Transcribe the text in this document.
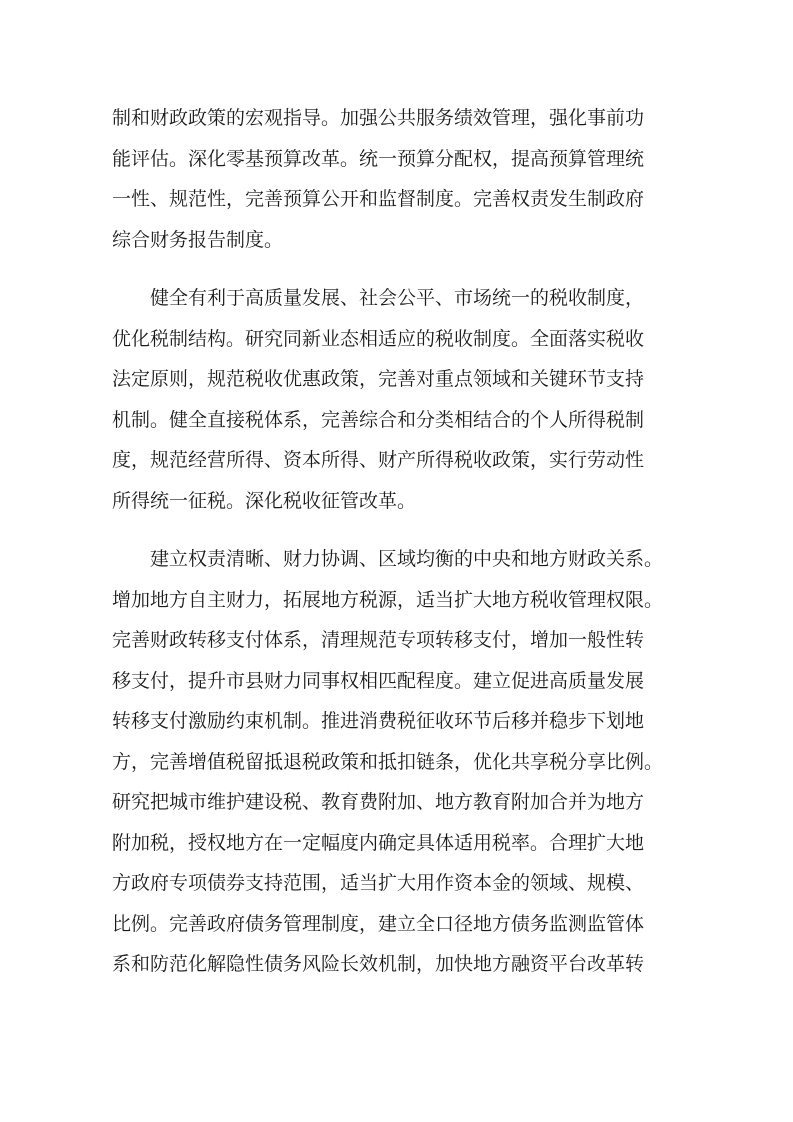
制和财政政策的宏观指导。加强公共服务绩效管理，强化事前功
能评估。深化零基预算改革。统一预算分配权，提高预算管理统
一性、规范性，完善预算公开和监督制度。完善权责发生制政府
综合财务报告制度。
健全有利于高质量发展、社会公平、市场统一的税收制度，
优化税制结构。研究同新业态相适应的税收制度。全面落实税收
法定原则，规范税收优惠政策，完善对重点领域和关键环节支持
机制。健全直接税体系，完善综合和分类相结合的个人所得税制
度，规范经营所得、资本所得、财产所得税收政策，实行劳动性
所得统一征税。深化税收征管改革。
建立权责清晰、财力协调、区域均衡的中央和地方财政关系。
增加地方自主财力，拓展地方税源，适当扩大地方税收管理权限。
完善财政转移支付体系，清理规范专项转移支付，增加一般性转
移支付，提升市县财力同事权相匹配程度。建立促进高质量发展
转移支付激励约束机制。推进消费税征收环节后移并稳步下划地
方，完善增值税留抵退税政策和抵扣链条，优化共享税分享比例。
研究把城市维护建设税、教育费附加、地方教育附加合并为地方
附加税，授权地方在一定幅度内确定具体适用税率。合理扩大地
方政府专项债券支持范围，适当扩大用作资本金的领域、规模、
比例。完善政府债务管理制度，建立全口径地方债务监测监管体
系和防范化解隐性债务风险长效机制，加快地方融资平台改革转
